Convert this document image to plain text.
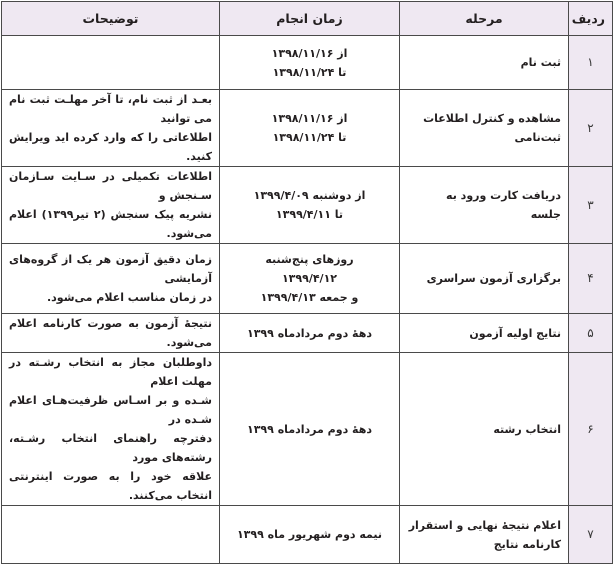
ردیف	مرحله	زمان انجام	توضیحات
۱	ثبت نام	از ۱۳۹۸/۱۱/۱۶
تا ۱۳۹۸/۱۱/۲۴	

۲	مشاهده و کنترل اطلاعات
ثبت‌نامی	از ۱۳۹۸/۱۱/۱۶
تا ۱۳۹۸/۱۱/۲۴	بعـد از ثبت نام، تا آخر مهلـت ثبت نام می توانید
اطلاعاتی را که وارد کرده اید ویرایش کنید.

۳	دریافت کارت ورود به
جلسه	از دوشنبه ۱۳۹۹/۴/۰۹
تا ۱۳۹۹/۴/۱۱	اطلاعات تکمیلی در سـایت سـازمان سـنجش و
نشریه پیک سنجش (۲ تیر۱۳۹۹) اعلام می‌شود.

۴	برگزاری آزمون سراسری	روزهای پنج‌شنبه
۱۳۹۹/۴/۱۲
و جمعه ۱۳۹۹/۴/۱۳	زمان دقیق آزمون هر یک از گروه‌های آزمایشی
در زمان مناسب اعلام می‌شود.

۵	نتایج اولیه آزمون	دهۀ دوم مردادماه ۱۳۹۹	نتیجۀ آزمون به صورت کارنامه اعلام می‌شود.

۶	انتخاب رشته	دهۀ دوم مردادماه ۱۳۹۹	داوطلبان مجاز به انتخاب رشـته در مهلت اعلام
شـده و بر اسـاس ظرفیت‌هـای اعلام شـده در
دفترچه راهنمای انتخاب رشـته، رشته‌های مورد
علاقه خود را به صورت اینترنتی انتخاب می‌کنند.

۷	اعلام نتیجۀ نهایی و استقرار
کارنامه نتایج	نیمه دوم شهریور ماه ۱۳۹۹	
